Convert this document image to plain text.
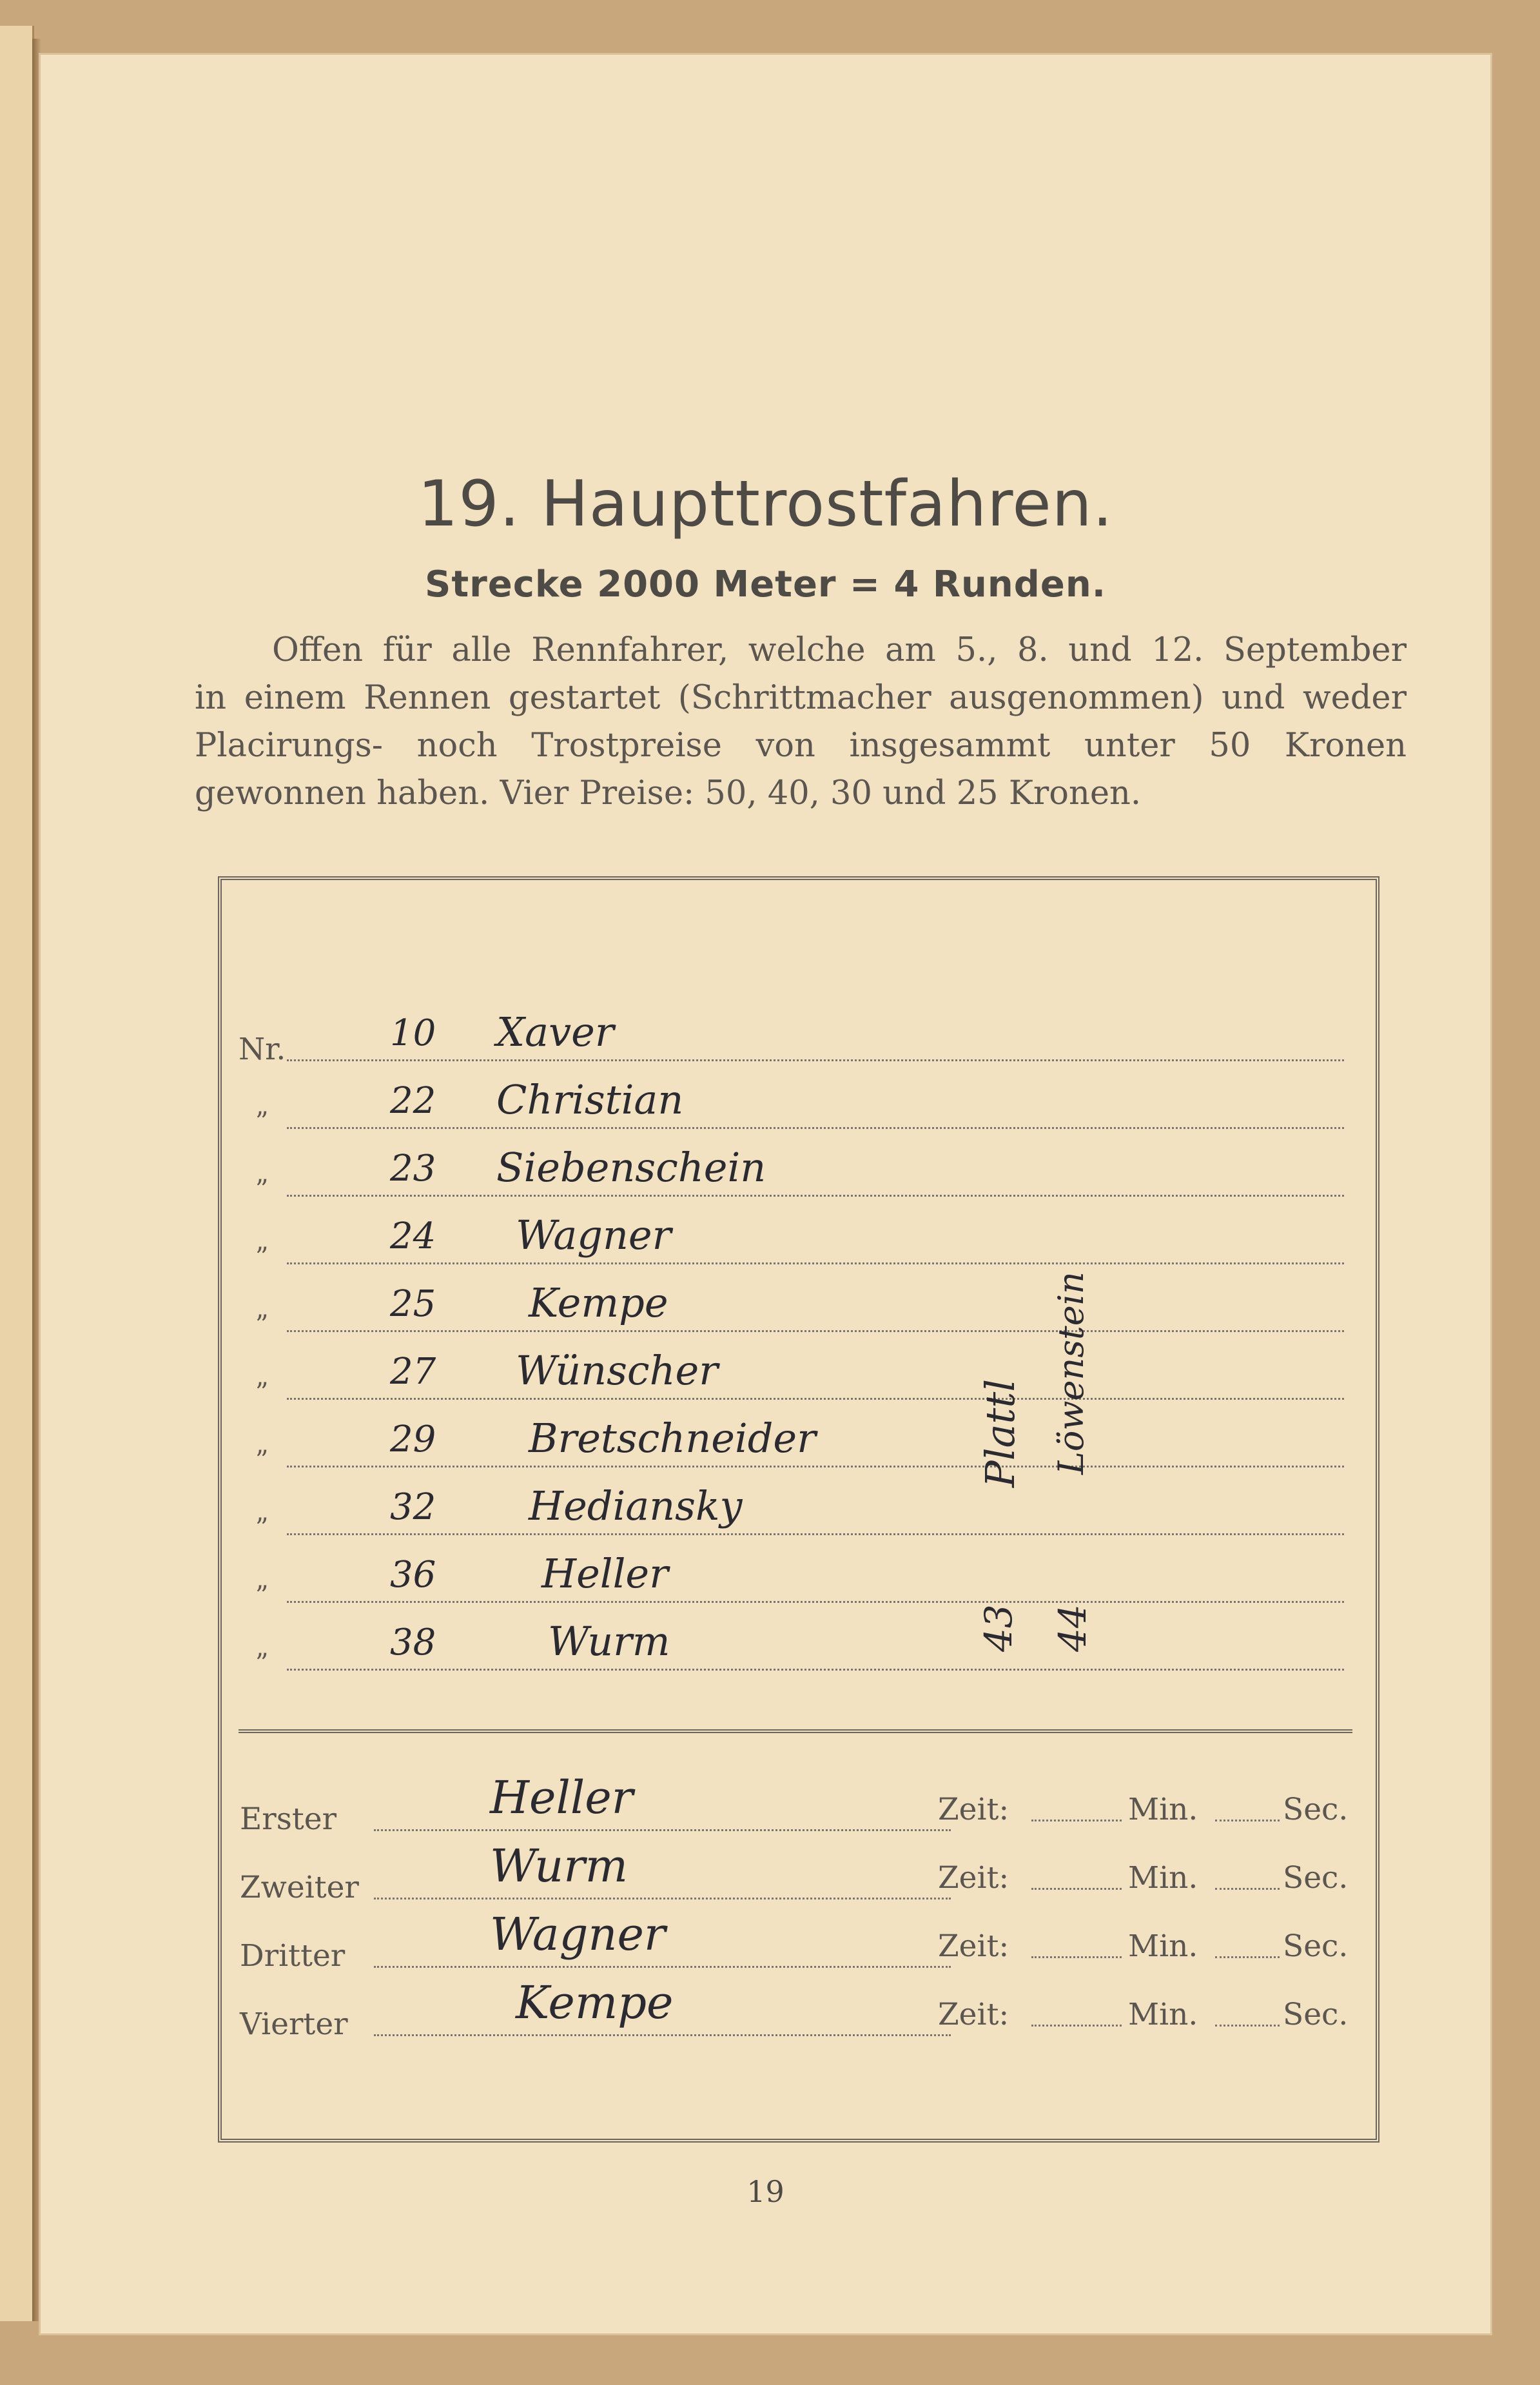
19. Haupttrostfahren.
Strecke 2000 Meter = 4 Runden.
Offen für alle Rennfahrer, welche am 5., 8. und 12. September
in einem Rennen gestartet (Schrittmacher ausgenommen) und weder
Placirungs- noch Trostpreise von insgesammt unter 50 Kronen
gewonnen haben. Vier Preise: 50, 40, 30 und 25 Kronen.
Nr.
”
”
”
”
”
”
”
”
”
10
22
23
24
25
27
29
32
36
38
Xaver
Christian
Siebenschein
Wagner
Kempe
Wünscher
Bretschneider
Hediansky
Heller
Wurm
Plattl Löwenstein
43 44
Erster
Zweiter
Dritter
Vierter
Heller
Wurm
Wagner
Kempe
Zeit:
Zeit:
Zeit:
Zeit:
Min.
Min.
Min.
Min.
Sec.
Sec.
Sec.
Sec.
19
